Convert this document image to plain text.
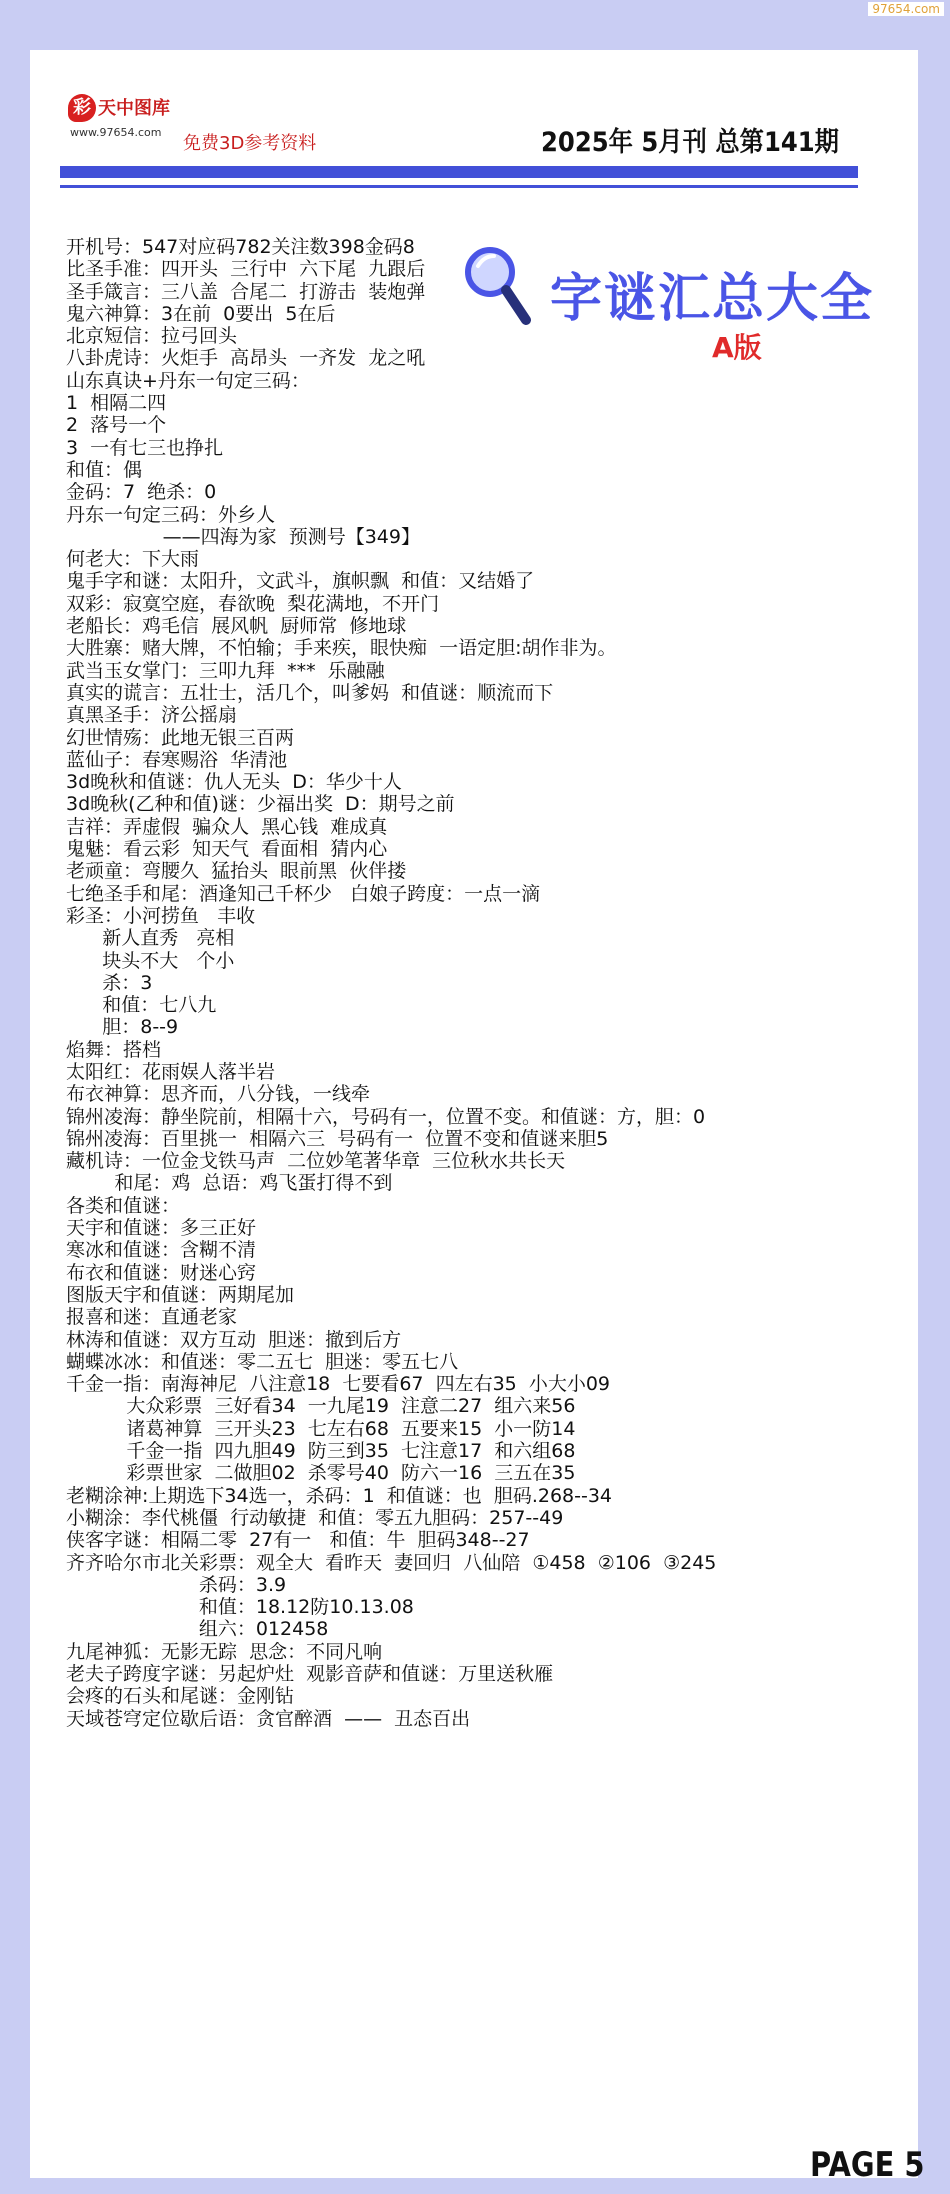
97654.com
彩 天中图库
www.97654.com
免费3D参考资料	2025年 5月刊 总第141期
字谜汇总大全
A版
开机号：547对应码782关注数398金码8
比圣手准：四开头  三行中  六下尾  九跟后
圣手箴言：三八盖  合尾二  打游击  装炮弹
鬼六神算：3在前  0要出  5在后
北京短信：拉弓回头
八卦虎诗：火炬手  高昂头  一齐发  龙之吼
山东真诀+丹东一句定三码：
1  相隔二四
2  落号一个
3  一有七三也挣扎
和值：偶
金码：7  绝杀：0
丹东一句定三码：外乡人
——四海为家  预测号【349】
何老大：下大雨
鬼手字和谜：太阳升，文武斗，旗帜飘  和值：又结婚了
双彩：寂寞空庭，春欲晚  梨花满地，不开门
老船长：鸡毛信  展风帆  厨师常  修地球
大胜寨：赌大牌，不怕输；手来疾，眼快痴  一语定胆:胡作非为。
武当玉女掌门：三叩九拜  ***  乐融融
真实的谎言：五壮士，活几个，叫爹妈  和值谜：顺流而下
真黑圣手：济公摇扇
幻世情殇：此地无银三百两
蓝仙子：春寒赐浴  华清池
3d晚秋和值谜：仇人无头  D：华少十人
3d晚秋(乙种和值)谜：少福出奖  D：期号之前
吉祥：弄虚假  骗众人  黑心钱  难成真
鬼魅：看云彩  知天气  看面相  猜内心
老顽童：弯腰久  猛抬头  眼前黑  伙伴搂
七绝圣手和尾：酒逢知己千杯少   白娘子跨度：一点一滴
彩圣：小河捞鱼   丰收
新人直秀   亮相
块头不大   个小
杀：3
和值：七八九
胆：8--9
焰舞：搭档
太阳红：花雨娱人落半岩
布衣神算：思齐而，八分钱，一线牵
锦州凌海：静坐院前，相隔十六，号码有一，位置不变。和值谜：方，胆：0
锦州凌海：百里挑一  相隔六三  号码有一  位置不变和值谜来胆5
藏机诗：一位金戈铁马声  二位妙笔著华章  三位秋水共长天
和尾：鸡  总语：鸡飞蛋打得不到
各类和值谜：
天宇和值谜：多三正好
寒冰和值谜：含糊不清
布衣和值谜：财迷心窍
图版天宇和值谜：两期尾加
报喜和迷：直通老家
林涛和值谜：双方互动  胆迷：撤到后方
蝴蝶冰冰：和值迷：零二五七  胆迷：零五七八
千金一指：南海神尼  八注意18  七要看67  四左右35  小大小09
大众彩票  三好看34  一九尾19  注意二27  组六来56
诸葛神算  三开头23  七左右68  五要来15  小一防14
千金一指  四九胆49  防三到35  七注意17  和六组68
彩票世家  二做胆02  杀零号40  防六一16  三五在35
老糊涂神:上期选下34选一，杀码：1  和值谜：也  胆码.268--34
小糊涂：李代桃僵  行动敏捷  和值：零五九胆码：257--49
侠客字谜：相隔二零  27有一   和值：牛  胆码348--27
齐齐哈尔市北关彩票：观全大  看昨天  妻回归  八仙陪  ①458  ②106  ③245
杀码：3.9
和值：18.12防10.13.08
组六：012458
九尾神狐：无影无踪  思念：不同凡响
老夫子跨度字谜：另起炉灶  观影音萨和值谜：万里送秋雁
会疼的石头和尾谜：金刚钻
天域苍穹定位歇后语：贪官醉酒  ——  丑态百出
PAGE 5
